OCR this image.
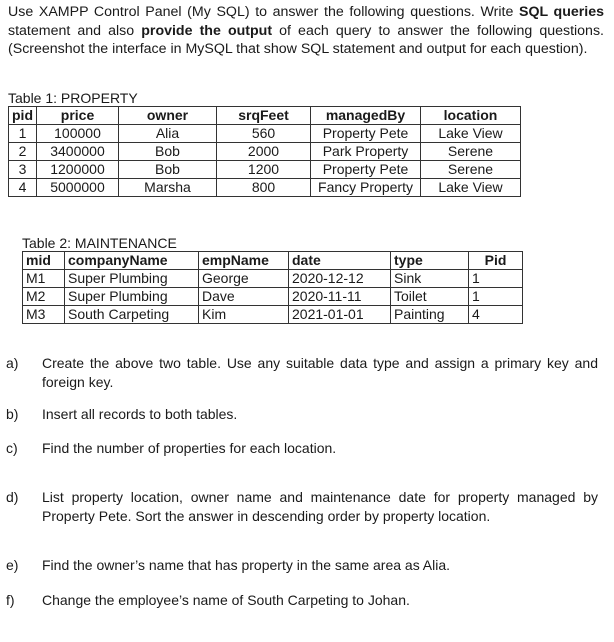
Use XAMPP Control Panel (My SQL) to answer the following questions. Write SQL queries statement and also provide the output of each query to answer the following questions. (Screenshot the interface in MySQL that show SQL statement and output for each question).
Table 1: PROPERTY
pid	price	owner	srqFeet	managedBy	location
1	100000	Alia	560	Property Pete	Lake View
2	3400000	Bob	2000	Park Property	Serene
3	1200000	Bob	1200	Property Pete	Serene
4	5000000	Marsha	800	Fancy Property	Lake View
Table 2: MAINTENANCE
mid	companyName	empName	date	type	Pid
M1	Super Plumbing	George	2020-12-12	Sink	1
M2	Super Plumbing	Dave	2020-11-11	Toilet	1
M3	South Carpeting	Kim	2021-01-01	Painting	4
a) Create the above two table. Use any suitable data type and assign a primary key and foreign key.
b) Insert all records to both tables.
c) Find the number of properties for each location.
d) List property location, owner name and maintenance date for property managed by Property Pete. Sort the answer in descending order by property location.
e) Find the owner’s name that has property in the same area as Alia.
f) Change the employee’s name of South Carpeting to Johan.
